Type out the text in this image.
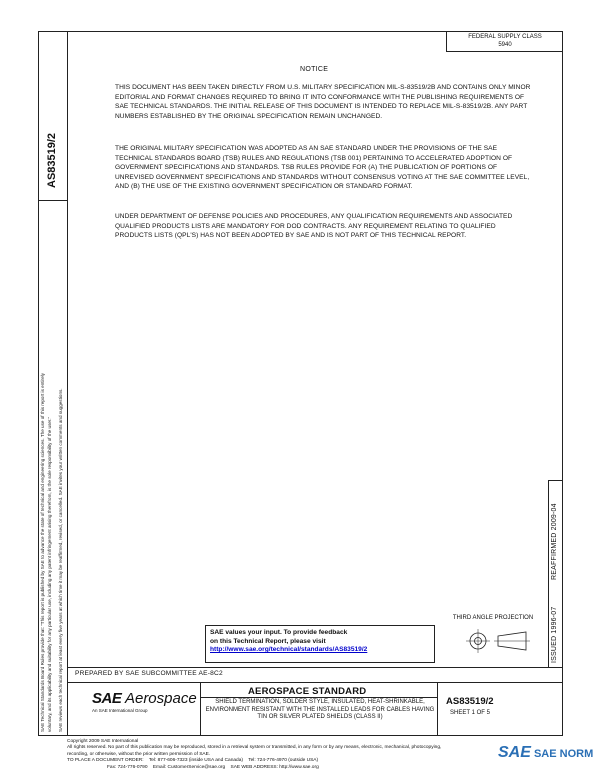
FEDERAL SUPPLY CLASS
5940
NOTICE
THIS DOCUMENT HAS BEEN TAKEN DIRECTLY FROM U.S. MILITARY SPECIFICATION MIL-S-83519/2B AND CONTAINS ONLY MINOR EDITORIAL AND FORMAT CHANGES REQUIRED TO BRING IT INTO CONFORMANCE WITH THE PUBLISHING REQUIREMENTS OF SAE TECHNICAL STANDARDS. THE INITIAL RELEASE OF THIS DOCUMENT IS INTENDED TO REPLACE MIL-S-83519/2B. ANY PART NUMBERS ESTABLISHED BY THE ORIGINAL SPECIFICATION REMAIN UNCHANGED.
THE ORIGINAL MILITARY SPECIFICATION WAS ADOPTED AS AN SAE STANDARD UNDER THE PROVISIONS OF THE SAE TECHNICAL STANDARDS BOARD (TSB) RULES AND REGULATIONS (TSB 001) PERTAINING TO ACCELERATED ADOPTION OF GOVERNMENT SPECIFICATIONS AND STANDARDS. TSB RULES PROVIDE FOR (A) THE PUBLICATION OF PORTIONS OF UNREVISED GOVERNMENT SPECIFICATIONS AND STANDARDS WITHOUT CONSENSUS VOTING AT THE SAE COMMITTEE LEVEL, AND (B) THE USE OF THE EXISTING GOVERNMENT SPECIFICATION OR STANDARD FORMAT.
UNDER DEPARTMENT OF DEFENSE POLICIES AND PROCEDURES, ANY QUALIFICATION REQUIREMENTS AND ASSOCIATED QUALIFIED PRODUCTS LISTS ARE MANDATORY FOR DOD CONTRACTS. ANY REQUIREMENT RELATING TO QUALIFIED PRODUCTS LISTS (QPL'S) HAS NOT BEEN ADOPTED BY SAE AND IS NOT PART OF THIS TECHNICAL REPORT.
AS83519/2
SAE Technical Standards Board Rules provide that: "This report is published by SAE to advance the state of technical and engineering sciences. The use of this report is entirely voluntary, and its applicability and suitability for any particular use, including any patent infringement arising therefrom, is the sole responsibility of the user." SAE reviews each technical report at least every five years at which time it may be reaffirmed, revised, or cancelled. SAE invites your written comments and suggestions.	REAFFIRMED 2009-04
ISSUED 1996-07
THIRD ANGLE PROJECTION
SAE values your input. To provide feedback
on this Technical Report, please visit
http://www.sae.org/technical/standards/AS83519/2
PREPARED BY SAE SUBCOMMITTEE AE-8C2
SAE Aerospace
An SAE International Group
AEROSPACE STANDARD
SHIELD TERMINATION, SOLDER STYLE, INSULATED, HEAT-SHRINKABLE, ENVIRONMENT RESISTANT WITH THE INSTALLED LEADS FOR CABLES HAVING TIN OR SILVER PLATED SHIELDS (CLASS II)
AS83519/2
SHEET 1 OF 5
Copyright 2009 SAE International
All rights reserved. No part of this publication may be reproduced, stored in a retrieval system or transmitted, in any form or by any means, electronic, mechanical, photocopying,
recording, or otherwise, without the prior written permission of SAE.
TO PLACE A DOCUMENT ORDER:    Tel: 877-606-7323 (inside USA and Canada)    Tel: 724-776-4970 (outside USA)
Fax: 724-776-0790    Email: CustomerService@sae.org    SAE WEB ADDRESS: http://www.sae.org
SAE SAE NORM
